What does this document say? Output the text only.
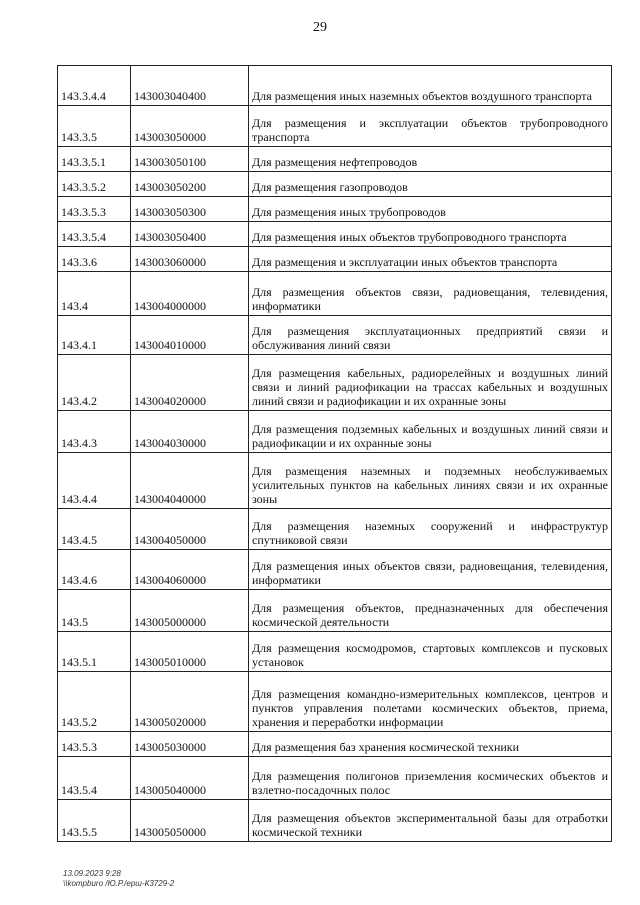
29
143.3.4.4	143003040400	Для размещения иных наземных объектов воздушного транспорта
143.3.5	143003050000	Для размещения и эксплуатации объектов трубопроводного транспорта
143.3.5.1	143003050100	Для размещения нефтепроводов
143.3.5.2	143003050200	Для размещения газопроводов
143.3.5.3	143003050300	Для размещения иных трубопроводов
143.3.5.4	143003050400	Для размещения иных объектов трубопроводного транспорта
143.3.6	143003060000	Для размещения и эксплуатации иных объектов транспорта
143.4	143004000000	Для размещения объектов связи, радиовещания, телевидения, информатики
143.4.1	143004010000	Для размещения эксплуатационных предприятий связи и обслуживания линий связи
143.4.2	143004020000	Для размещения кабельных, радиорелейных и воздушных линий связи и линий радиофикации на трассах кабельных и воздушных линий связи и радиофикации и их охранные зоны
143.4.3	143004030000	Для размещения подземных кабельных и воздушных линий связи и радиофикации и их охранные зоны
143.4.4	143004040000	Для размещения наземных и подземных необслуживаемых усилительных пунктов на кабельных линиях связи и их охранные зоны
143.4.5	143004050000	Для размещения наземных сооружений и инфраструктур спутниковой связи
143.4.6	143004060000	Для размещения иных объектов связи, радиовещания, телевидения, информатики
143.5	143005000000	Для размещения объектов, предназначенных для обеспечения космической деятельности
143.5.1	143005010000	Для размещения космодромов, стартовых комплексов и пусковых установок
143.5.2	143005020000	Для размещения командно-измерительных комплексов, центров и пунктов управления полетами космических объектов, приема, хранения и переработки информации
143.5.3	143005030000	Для размещения баз хранения космической техники
143.5.4	143005040000	Для размещения полигонов приземления космических объектов и взлетно-посадочных полос
143.5.5	143005050000	Для размещения объектов экспериментальной базы для отработки космической техники
13.09.2023 9:28
\\kompburo /Ю.Р./ерш-К3729-2
